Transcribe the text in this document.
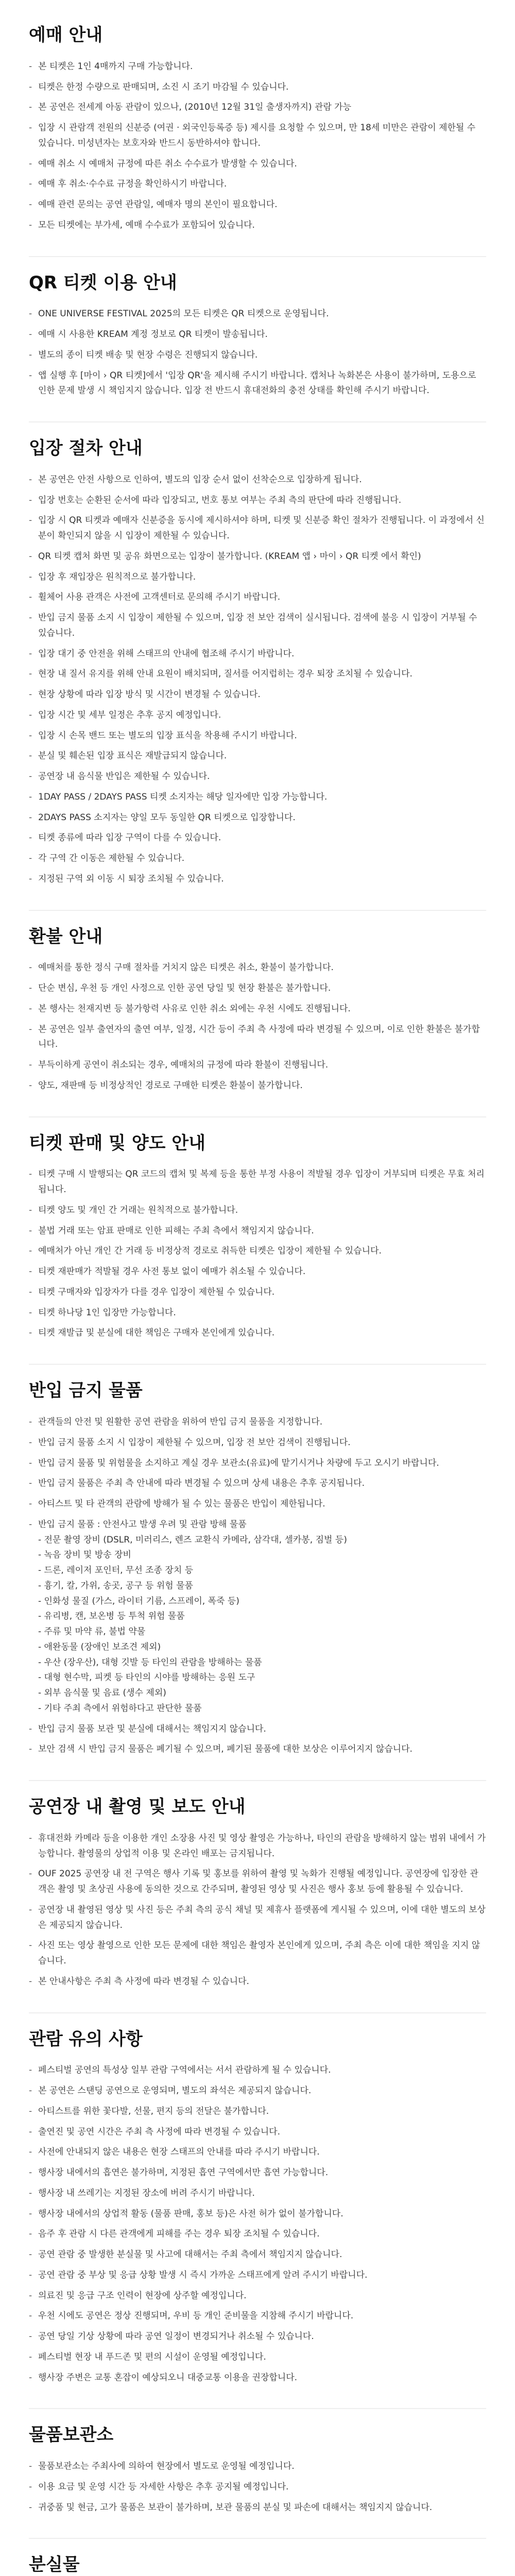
예매 안내
- 본 티켓은 1인 4매까지 구매 가능합니다.
- 티켓은 한정 수량으로 판매되며, 소진 시 조기 마감될 수 있습니다.
- 본 공연은 전세계 아동 관람이 있으나, (2010년 12월 31일 출생자까지) 관람 가능
- 입장 시 관람객 전원의 신분증 (여권 · 외국인등록증 등) 제시를 요청할 수 있으며, 만 18세 미만은 관람이 제한될 수 있습니다. 미성년자는 보호자와 반드시 동반하셔야 합니다.
- 예매 취소 시 예매처 규정에 따른 취소 수수료가 발생할 수 있습니다.
- 예매 후 취소·수수료 규정을 확인하시기 바랍니다.
- 예매 관련 문의는 공연 관람일, 예매자 명의 본인이 필요합니다.
- 모든 티켓에는 부가세, 예매 수수료가 포함되어 있습니다.
QR 티켓 이용 안내
- ONE UNIVERSE FESTIVAL 2025의 모든 티켓은 QR 티켓으로 운영됩니다.
- 예매 시 사용한 KREAM 계정 정보로 QR 티켓이 발송됩니다.
- 별도의 종이 티켓 배송 및 현장 수령은 진행되지 않습니다.
- 앱 실행 후 [마이 › QR 티켓]에서 '입장 QR'을 제시해 주시기 바랍니다. 캡처나 녹화본은 사용이 불가하며, 도용으로 인한 문제 발생 시 책임지지 않습니다. 입장 전 반드시 휴대전화의 충전 상태를 확인해 주시기 바랍니다.
입장 절차 안내
- 본 공연은 안전 사항으로 인하여, 별도의 입장 순서 없이 선착순으로 입장하게 됩니다.
- 입장 번호는 순환된 순서에 따라 입장되고, 번호 통보 여부는 주최 측의 판단에 따라 진행됩니다.
- 입장 시 QR 티켓과 예매자 신분증을 동시에 제시하셔야 하며, 티켓 및 신분증 확인 절차가 진행됩니다. 이 과정에서 신분이 확인되지 않을 시 입장이 제한될 수 있습니다.
- QR 티켓 캡처 화면 및 공유 화면으로는 입장이 불가합니다. (KREAM 앱 › 마이 › QR 티켓 에서 확인)
- 입장 후 재입장은 원칙적으로 불가합니다.
- 휠체어 사용 관객은 사전에 고객센터로 문의해 주시기 바랍니다.
- 반입 금지 물품 소지 시 입장이 제한될 수 있으며, 입장 전 보안 검색이 실시됩니다. 검색에 불응 시 입장이 거부될 수 있습니다.
- 입장 대기 중 안전을 위해 스태프의 안내에 협조해 주시기 바랍니다.
- 현장 내 질서 유지를 위해 안내 요원이 배치되며, 질서를 어지럽히는 경우 퇴장 조치될 수 있습니다.
- 현장 상황에 따라 입장 방식 및 시간이 변경될 수 있습니다.
- 입장 시간 및 세부 일정은 추후 공지 예정입니다.
- 입장 시 손목 밴드 또는 별도의 입장 표식을 착용해 주시기 바랍니다.
- 분실 및 훼손된 입장 표식은 재발급되지 않습니다.
- 공연장 내 음식물 반입은 제한될 수 있습니다.
- 1DAY PASS / 2DAYS PASS 티켓 소지자는 해당 일자에만 입장 가능합니다.
- 2DAYS PASS 소지자는 양일 모두 동일한 QR 티켓으로 입장합니다.
- 티켓 종류에 따라 입장 구역이 다를 수 있습니다.
- 각 구역 간 이동은 제한될 수 있습니다.
- 지정된 구역 외 이동 시 퇴장 조치될 수 있습니다.
환불 안내
- 예매처를 통한 정식 구매 절차를 거치지 않은 티켓은 취소, 환불이 불가합니다.
- 단순 변심, 우천 등 개인 사정으로 인한 공연 당일 및 현장 환불은 불가합니다.
- 본 행사는 천재지변 등 불가항력 사유로 인한 취소 외에는 우천 시에도 진행됩니다.
- 본 공연은 일부 출연자의 출연 여부, 일정, 시간 등이 주최 측 사정에 따라 변경될 수 있으며, 이로 인한 환불은 불가합니다.
- 부득이하게 공연이 취소되는 경우, 예매처의 규정에 따라 환불이 진행됩니다.
- 양도, 재판매 등 비정상적인 경로로 구매한 티켓은 환불이 불가합니다.
티켓 판매 및 양도 안내
- 티켓 구매 시 발행되는 QR 코드의 캡처 및 복제 등을 통한 부정 사용이 적발될 경우 입장이 거부되며 티켓은 무효 처리됩니다.
- 티켓 양도 및 개인 간 거래는 원칙적으로 불가합니다.
- 불법 거래 또는 암표 판매로 인한 피해는 주최 측에서 책임지지 않습니다.
- 예매처가 아닌 개인 간 거래 등 비정상적 경로로 취득한 티켓은 입장이 제한될 수 있습니다.
- 티켓 재판매가 적발될 경우 사전 통보 없이 예매가 취소될 수 있습니다.
- 티켓 구매자와 입장자가 다를 경우 입장이 제한될 수 있습니다.
- 티켓 하나당 1인 입장만 가능합니다.
- 티켓 재발급 및 분실에 대한 책임은 구매자 본인에게 있습니다.
반입 금지 물품
- 관객들의 안전 및 원활한 공연 관람을 위하여 반입 금지 물품을 지정합니다.
- 반입 금지 물품 소지 시 입장이 제한될 수 있으며, 입장 전 보안 검색이 진행됩니다.
- 반입 금지 물품 및 위험물을 소지하고 계실 경우 보관소(유료)에 맡기시거나 차량에 두고 오시기 바랍니다.
- 반입 금지 물품은 주최 측 안내에 따라 변경될 수 있으며 상세 내용은 추후 공지됩니다.
- 아티스트 및 타 관객의 관람에 방해가 될 수 있는 물품은 반입이 제한됩니다.
- 반입 금지 물품 : 안전사고 발생 우려 및 관람 방해 물품
- 전문 촬영 장비 (DSLR, 미러리스, 렌즈 교환식 카메라, 삼각대, 셀카봉, 짐벌 등)
- 녹음 장비 및 방송 장비
- 드론, 레이저 포인터, 무선 조종 장치 등
- 흉기, 칼, 가위, 송곳, 공구 등 위험 물품
- 인화성 물질 (가스, 라이터 기름, 스프레이, 폭죽 등)
- 유리병, 캔, 보온병 등 투척 위험 물품
- 주류 및 마약 류, 불법 약물
- 애완동물 (장애인 보조견 제외)
- 우산 (장우산), 대형 깃발 등 타인의 관람을 방해하는 물품
- 대형 현수막, 피켓 등 타인의 시야를 방해하는 응원 도구
- 외부 음식물 및 음료 (생수 제외)
- 기타 주최 측에서 위험하다고 판단한 물품
- 반입 금지 물품 보관 및 분실에 대해서는 책임지지 않습니다.
- 보안 검색 시 반입 금지 물품은 폐기될 수 있으며, 폐기된 물품에 대한 보상은 이루어지지 않습니다.
공연장 내 촬영 및 보도 안내
- 휴대전화 카메라 등을 이용한 개인 소장용 사진 및 영상 촬영은 가능하나, 타인의 관람을 방해하지 않는 범위 내에서 가능합니다. 촬영물의 상업적 이용 및 온라인 배포는 금지됩니다.
- OUF 2025 공연장 내 전 구역은 행사 기록 및 홍보를 위하여 촬영 및 녹화가 진행될 예정입니다. 공연장에 입장한 관객은 촬영 및 초상권 사용에 동의한 것으로 간주되며, 촬영된 영상 및 사진은 행사 홍보 등에 활용될 수 있습니다.
- 공연장 내 촬영된 영상 및 사진 등은 주최 측의 공식 채널 및 제휴사 플랫폼에 게시될 수 있으며, 이에 대한 별도의 보상은 제공되지 않습니다.
- 사진 또는 영상 촬영으로 인한 모든 문제에 대한 책임은 촬영자 본인에게 있으며, 주최 측은 이에 대한 책임을 지지 않습니다.
- 본 안내사항은 주최 측 사정에 따라 변경될 수 있습니다.
관람 유의 사항
- 페스티벌 공연의 특성상 일부 관람 구역에서는 서서 관람하게 될 수 있습니다.
- 본 공연은 스탠딩 공연으로 운영되며, 별도의 좌석은 제공되지 않습니다.
- 아티스트를 위한 꽃다발, 선물, 편지 등의 전달은 불가합니다.
- 출연진 및 공연 시간은 주최 측 사정에 따라 변경될 수 있습니다.
- 사전에 안내되지 않은 내용은 현장 스태프의 안내를 따라 주시기 바랍니다.
- 행사장 내에서의 흡연은 불가하며, 지정된 흡연 구역에서만 흡연 가능합니다.
- 행사장 내 쓰레기는 지정된 장소에 버려 주시기 바랍니다.
- 행사장 내에서의 상업적 활동 (물품 판매, 홍보 등)은 사전 허가 없이 불가합니다.
- 음주 후 관람 시 다른 관객에게 피해를 주는 경우 퇴장 조치될 수 있습니다.
- 공연 관람 중 발생한 분실물 및 사고에 대해서는 주최 측에서 책임지지 않습니다.
- 공연 관람 중 부상 및 응급 상황 발생 시 즉시 가까운 스태프에게 알려 주시기 바랍니다.
- 의료진 및 응급 구조 인력이 현장에 상주할 예정입니다.
- 우천 시에도 공연은 정상 진행되며, 우비 등 개인 준비물을 지참해 주시기 바랍니다.
- 공연 당일 기상 상황에 따라 공연 일정이 변경되거나 취소될 수 있습니다.
- 페스티벌 현장 내 푸드존 및 편의 시설이 운영될 예정입니다.
- 행사장 주변은 교통 혼잡이 예상되오니 대중교통 이용을 권장합니다.
물품보관소
- 물품보관소는 주최사에 의하여 현장에서 별도로 운영될 예정입니다.
- 이용 요금 및 운영 시간 등 자세한 사항은 추후 공지될 예정입니다.
- 귀중품 및 현금, 고가 물품은 보관이 불가하며, 보관 물품의 분실 및 파손에 대해서는 책임지지 않습니다.
분실물
